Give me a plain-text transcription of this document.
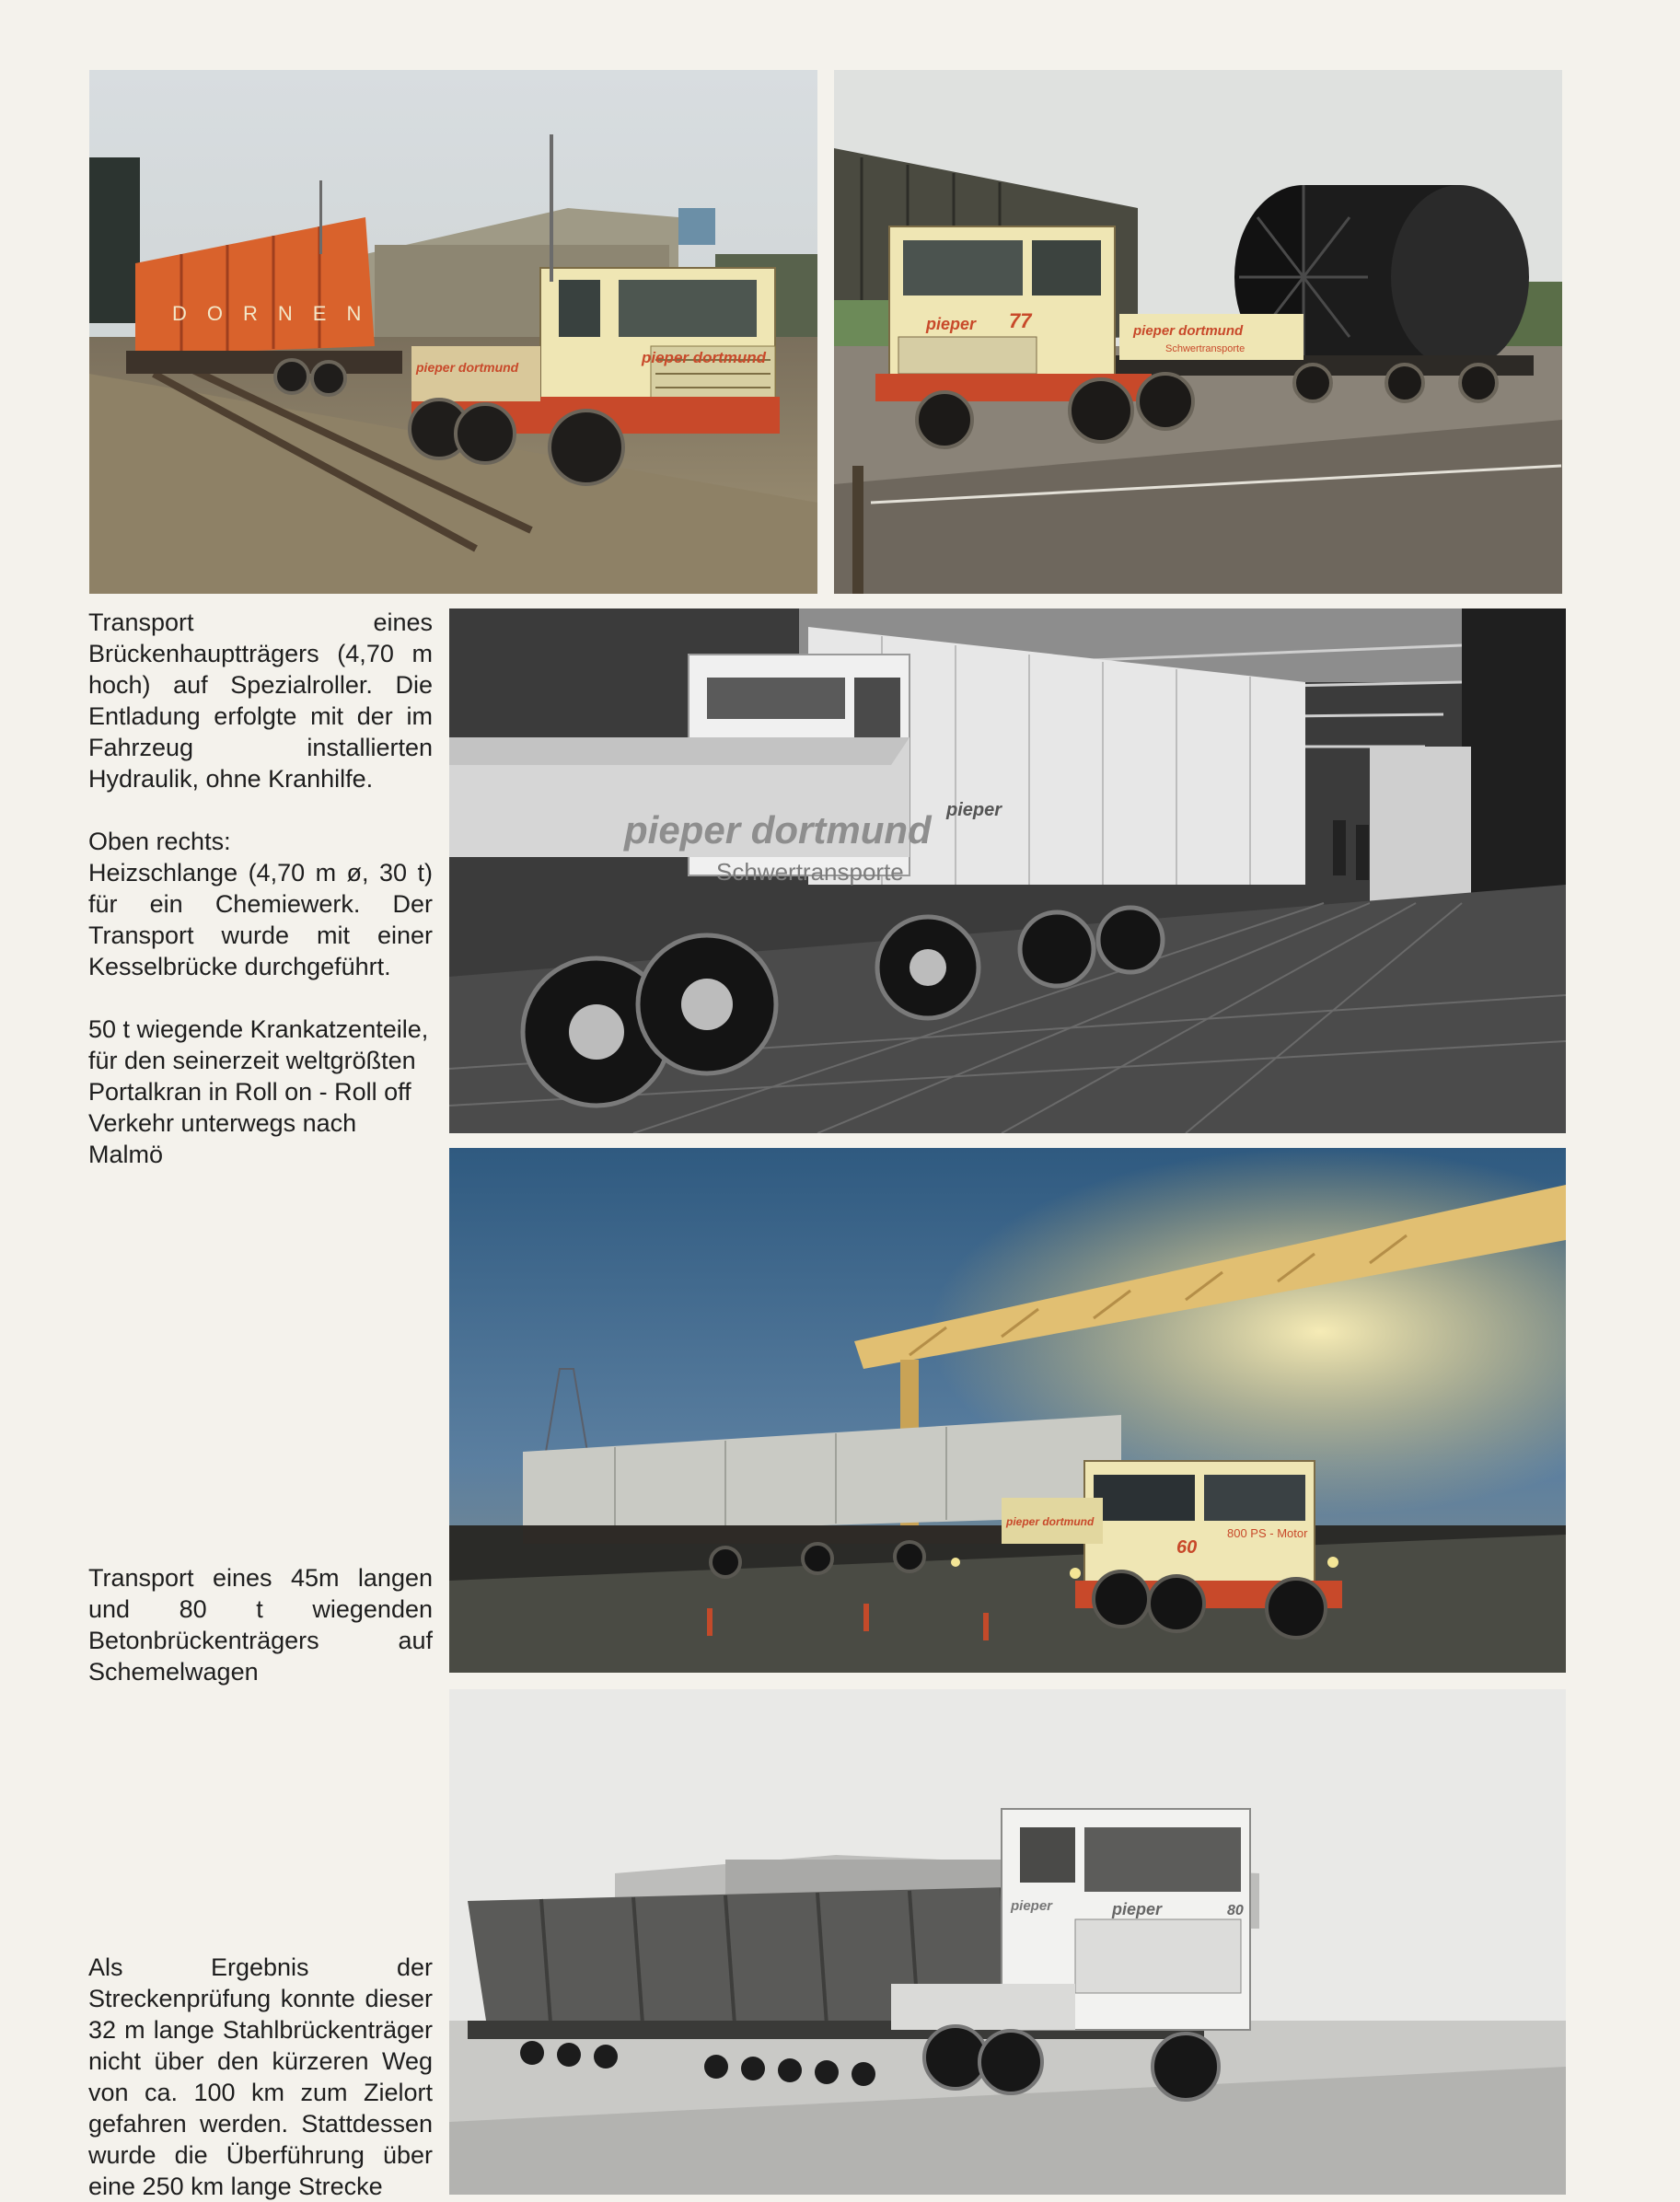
DORNEN
pieper dortmund
pieper dortmund
pieper dortmund
Schwertransporte
pieper 77

Transport eines Brückenhauptträgers (4,70 m hoch) auf Spezialroller. Die Entladung erfolgte mit der im Fahrzeug installierten Hydraulik, ohne Kranhilfe.

Oben rechts:

Heizschlange (4,70 m ø, 30 t) für ein Chemiewerk. Der Transport wurde mit einer Kesselbrücke durchgeführt.

50 t wiegende Krankatzenteile, für den seinerzeit weltgrößten Portalkran in Roll on - Roll off Verkehr unterwegs nach Malmö

pieper
pieper dortmund
Schwertransporte
800 PS - Motor
60
pieper dortmund

Transport eines 45m langen und 80 t wiegenden Betonbrückenträgers auf Schemelwagen

pieper
pieper	80

Als Ergebnis der Streckenprüfung konnte dieser 32 m lange Stahlbrückenträger nicht über den kürzeren Weg von ca. 100 km zum Zielort gefahren werden. Stattdessen wurde die Überführung über eine 250 km lange Strecke
